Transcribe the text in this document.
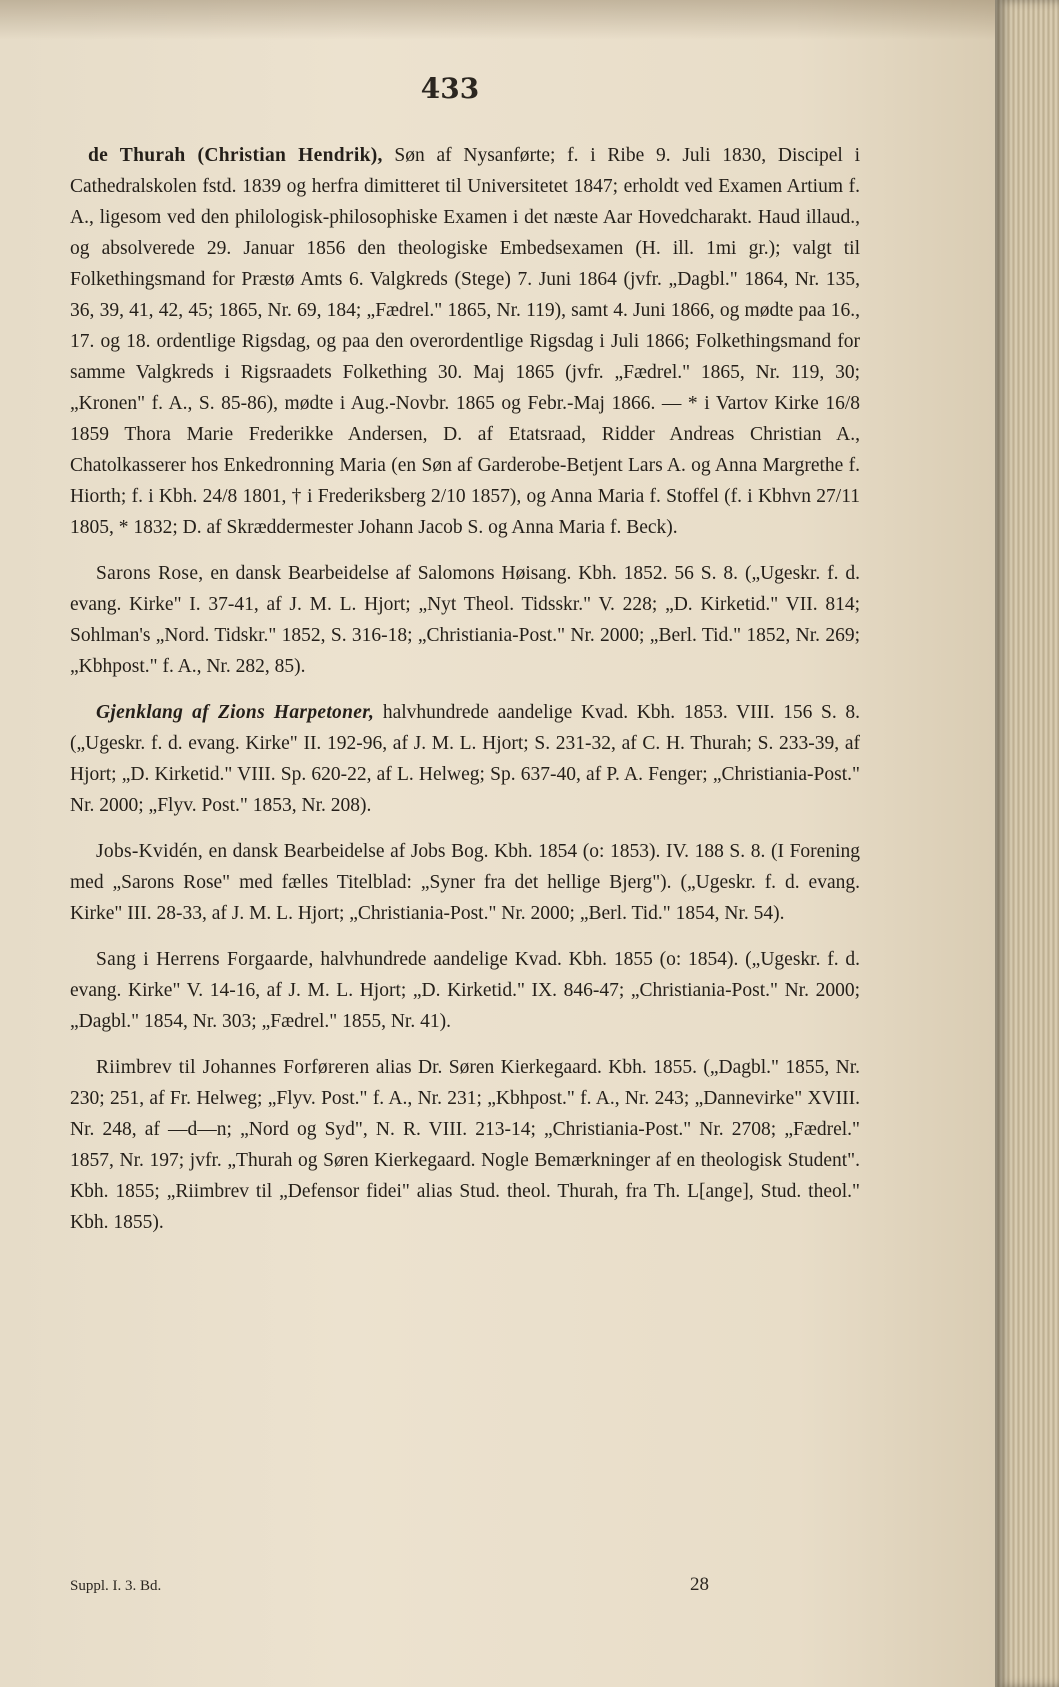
433

de Thurah (Christian Hendrik), Søn af Nysanførte; f. i Ribe 9. Juli 1830, Discipel i Cathedralskolen fstd. 1839 og herfra dimitteret til Universitetet 1847; erholdt ved Examen Artium f. A., ligesom ved den philologisk-philosophiske Examen i det næste Aar Hovedcharakt. Haud illaud., og absolverede 29. Januar 1856 den theologiske Embedsexamen (H. ill. 1mi gr.); valgt til Folkethingsmand for Præstø Amts 6. Valgkreds (Stege) 7. Juni 1864 (jvfr. „Dagbl." 1864, Nr. 135, 36, 39, 41, 42, 45; 1865, Nr. 69, 184; „Fædrel." 1865, Nr. 119), samt 4. Juni 1866, og mødte paa 16., 17. og 18. ordentlige Rigsdag, og paa den overordentlige Rigsdag i Juli 1866; Folkethingsmand for samme Valgkreds i Rigsraadets Folkething 30. Maj 1865 (jvfr. „Fædrel." 1865, Nr. 119, 30; „Kronen" f. A., S. 85-86), mødte i Aug.-Novbr. 1865 og Febr.-Maj 1866. — * i Vartov Kirke 16/8 1859 Thora Marie Frederikke Andersen, D. af Etatsraad, Ridder Andreas Christian A., Chatolkasserer hos Enkedronning Maria (en Søn af Garderobe-Betjent Lars A. og Anna Margrethe f. Hiorth; f. i Kbh. 24/8 1801, † i Frederiksberg 2/10 1857), og Anna Maria f. Stoffel (f. i Kbhvn 27/11 1805, * 1832; D. af Skræddermester Johann Jacob S. og Anna Maria f. Beck).

Sarons Rose, en dansk Bearbeidelse af Salomons Høisang. Kbh. 1852. 56 S. 8. („Ugeskr. f. d. evang. Kirke" I. 37-41, af J. M. L. Hjort; „Nyt Theol. Tidsskr." V. 228; „D. Kirketid." VII. 814; Sohlman's „Nord. Tidskr." 1852, S. 316-18; „Christiania-Post." Nr. 2000; „Berl. Tid." 1852, Nr. 269; „Kbhpost." f. A., Nr. 282, 85).

Gjenklang af Zions Harpetoner, halvhundrede aandelige Kvad. Kbh. 1853. VIII. 156 S. 8. („Ugeskr. f. d. evang. Kirke" II. 192-96, af J. M. L. Hjort; S. 231-32, af C. H. Thurah; S. 233-39, af Hjort; „D. Kirketid." VIII. Sp. 620-22, af L. Helweg; Sp. 637-40, af P. A. Fenger; „Christiania-Post." Nr. 2000; „Flyv. Post." 1853, Nr. 208).

Jobs-Kvidén, en dansk Bearbeidelse af Jobs Bog. Kbh. 1854 (o: 1853). IV. 188 S. 8. (I Forening med „Sarons Rose" med fælles Titelblad: „Syner fra det hellige Bjerg"). („Ugeskr. f. d. evang. Kirke" III. 28-33, af J. M. L. Hjort; „Christiania-Post." Nr. 2000; „Berl. Tid." 1854, Nr. 54).

Sang i Herrens Forgaarde, halvhundrede aandelige Kvad. Kbh. 1855 (o: 1854). („Ugeskr. f. d. evang. Kirke" V. 14-16, af J. M. L. Hjort; „D. Kirketid." IX. 846-47; „Christiania-Post." Nr. 2000; „Dagbl." 1854, Nr. 303; „Fædrel." 1855, Nr. 41).

Riimbrev til Johannes Forføreren alias Dr. Søren Kierkegaard. Kbh. 1855. („Dagbl." 1855, Nr. 230; 251, af Fr. Helweg; „Flyv. Post." f. A., Nr. 231; „Kbhpost." f. A., Nr. 243; „Dannevirke" XVIII. Nr. 248, af —d—n; „Nord og Syd", N. R. VIII. 213-14; „Christiania-Post." Nr. 2708; „Fædrel." 1857, Nr. 197; jvfr. „Thurah og Søren Kierkegaard. Nogle Bemærkninger af en theologisk Student". Kbh. 1855; „Riimbrev til „Defensor fidei" alias Stud. theol. Thurah, fra Th. L[ange], Stud. theol." Kbh. 1855).

Suppl. I. 3. Bd.	28
